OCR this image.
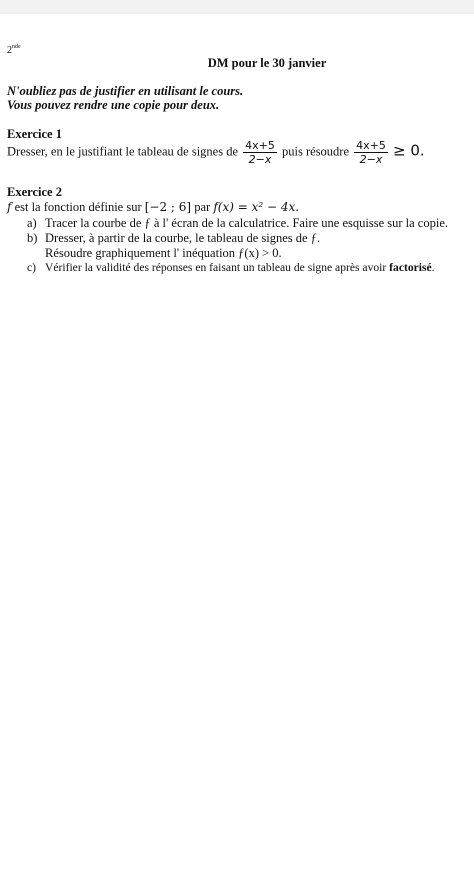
2nde
DM pour le 30 janvier
N'oubliez pas de justifier en utilisant le cours.
Vous pouvez rendre une copie pour deux.
Exercice 1
Dresser, en le justifiant le tableau de signes de $\frac{4x+5}{2-x}$ puis résoudre $\frac{4x+5}{2-x} \ge 0$.
Exercice 2
f est la fonction définie sur [−2 ; 6] par f(x) = x² − 4x.
a) Tracer la courbe de ƒ à l' écran de la calculatrice. Faire une esquisse sur la copie.
b) Dresser, à partir de la courbe, le tableau de signes de ƒ.
Résoudre graphiquement l' inéquation ƒ(x) > 0.
c) Vérifier la validité des réponses en faisant un tableau de signe après avoir factorisé.
